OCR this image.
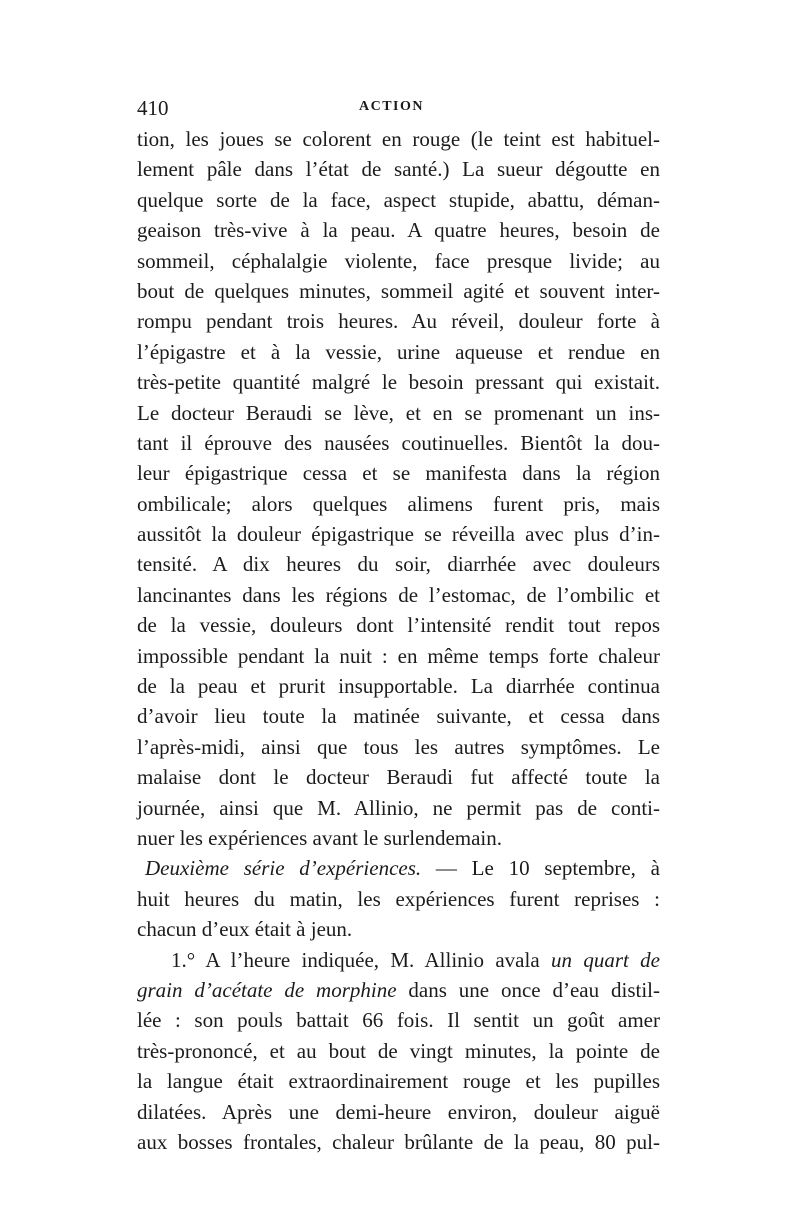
410	ACTION
tion, les joues se colorent en rouge (le teint est habituel-
lement pâle dans l’état de santé.) La sueur dégoutte en
quelque sorte de la face, aspect stupide, abattu, déman-
geaison très-vive à la peau. A quatre heures, besoin de
sommeil, céphalalgie violente, face presque livide; au
bout de quelques minutes, sommeil agité et souvent inter-
rompu pendant trois heures. Au réveil, douleur forte à
l’épigastre et à la vessie, urine aqueuse et rendue en
très-petite quantité malgré le besoin pressant qui existait.
Le docteur Beraudi se lève, et en se promenant un ins-
tant il éprouve des nausées coutinuelles. Bientôt la dou-
leur épigastrique cessa et se manifesta dans la région
ombilicale; alors quelques alimens furent pris, mais
aussitôt la douleur épigastrique se réveilla avec plus d’in-
tensité. A dix heures du soir, diarrhée avec douleurs
lancinantes dans les régions de l’estomac, de l’ombilic et
de la vessie, douleurs dont l’intensité rendit tout repos
impossible pendant la nuit : en même temps forte chaleur
de la peau et prurit insupportable. La diarrhée continua
d’avoir lieu toute la matinée suivante, et cessa dans
l’après-midi, ainsi que tous les autres symptômes. Le
malaise dont le docteur Beraudi fut affecté toute la
journée, ainsi que M. Allinio, ne permit pas de conti-
nuer les expériences avant le surlendemain.
Deuxième série d’expériences. — Le 10 septembre, à
huit heures du matin, les expériences furent reprises :
chacun d’eux était à jeun.
1.° A l’heure indiquée, M. Allinio avala un quart de
grain d’acétate de morphine dans une once d’eau distil-
lée : son pouls battait 66 fois. Il sentit un goût amer
très-prononcé, et au bout de vingt minutes, la pointe de
la langue était extraordinairement rouge et les pupilles
dilatées. Après une demi-heure environ, douleur aiguë
aux bosses frontales, chaleur brûlante de la peau, 80 pul-
